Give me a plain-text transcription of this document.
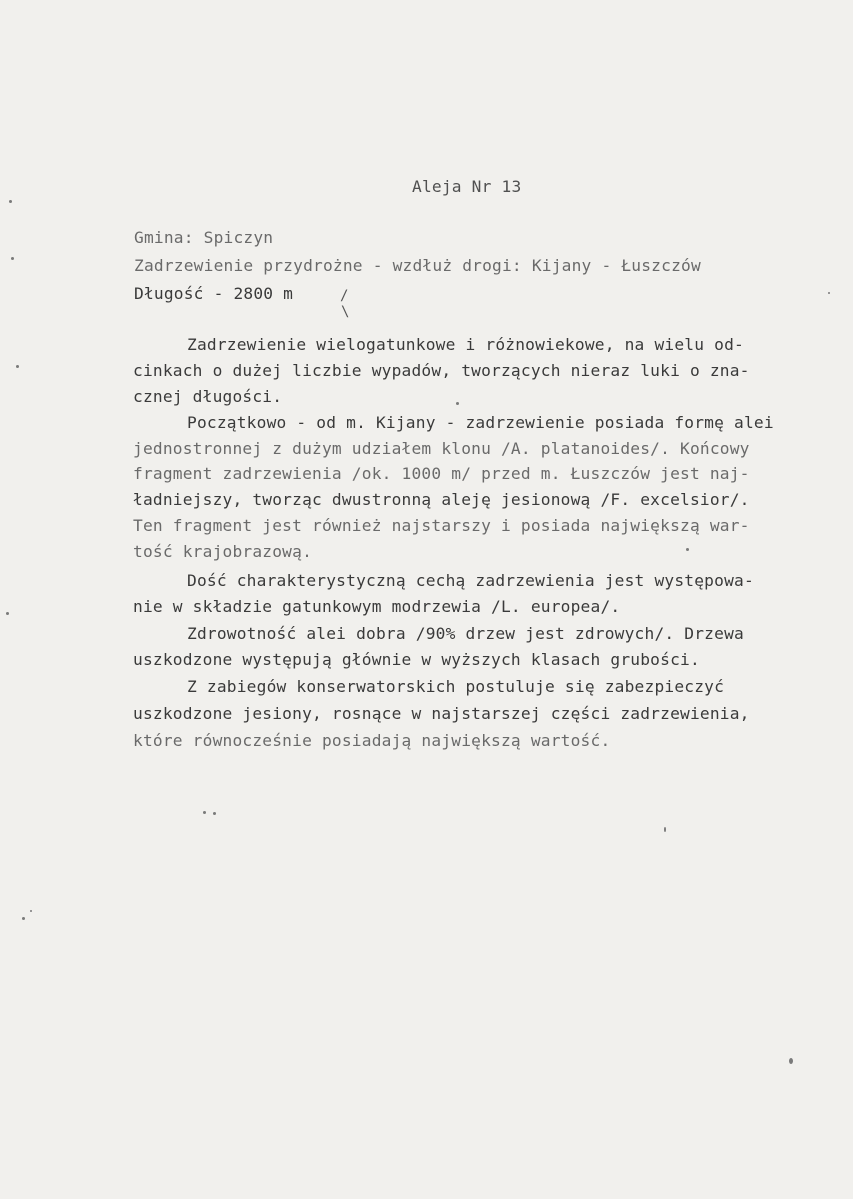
Aleja Nr 13
Gmina: Spiczyn
Zadrzewienie przydrożne - wzdłuż drogi: Kijany - Łuszczów
Długość - 2800 m
Zadrzewienie wielogatunkowe i różnowiekowe, na wielu od-
cinkach o dużej liczbie wypadów, tworzących nieraz luki o zna-
cznej długości.
Początkowo - od m. Kijany - zadrzewienie posiada formę alei
jednostronnej z dużym udziałem klonu /A. platanoides/. Końcowy
fragment zadrzewienia /ok. 1000 m/ przed m. Łuszczów jest naj-
ładniejszy, tworząc dwustronną aleję jesionową /F. excelsior/.
Ten fragment jest również najstarszy i posiada największą war-
tość krajobrazową.
Dość charakterystyczną cechą zadrzewienia jest występowa-
nie w składzie gatunkowym modrzewia /L. europea/.
Zdrowotność alei dobra /90% drzew jest zdrowych/. Drzewa
uszkodzone występują głównie w wyższych klasach grubości.
Z zabiegów konserwatorskich postuluje się zabezpieczyć
uszkodzone jesiony, rosnące w najstarszej części zadrzewienia,
które równocześnie posiadają największą wartość.
/
\
